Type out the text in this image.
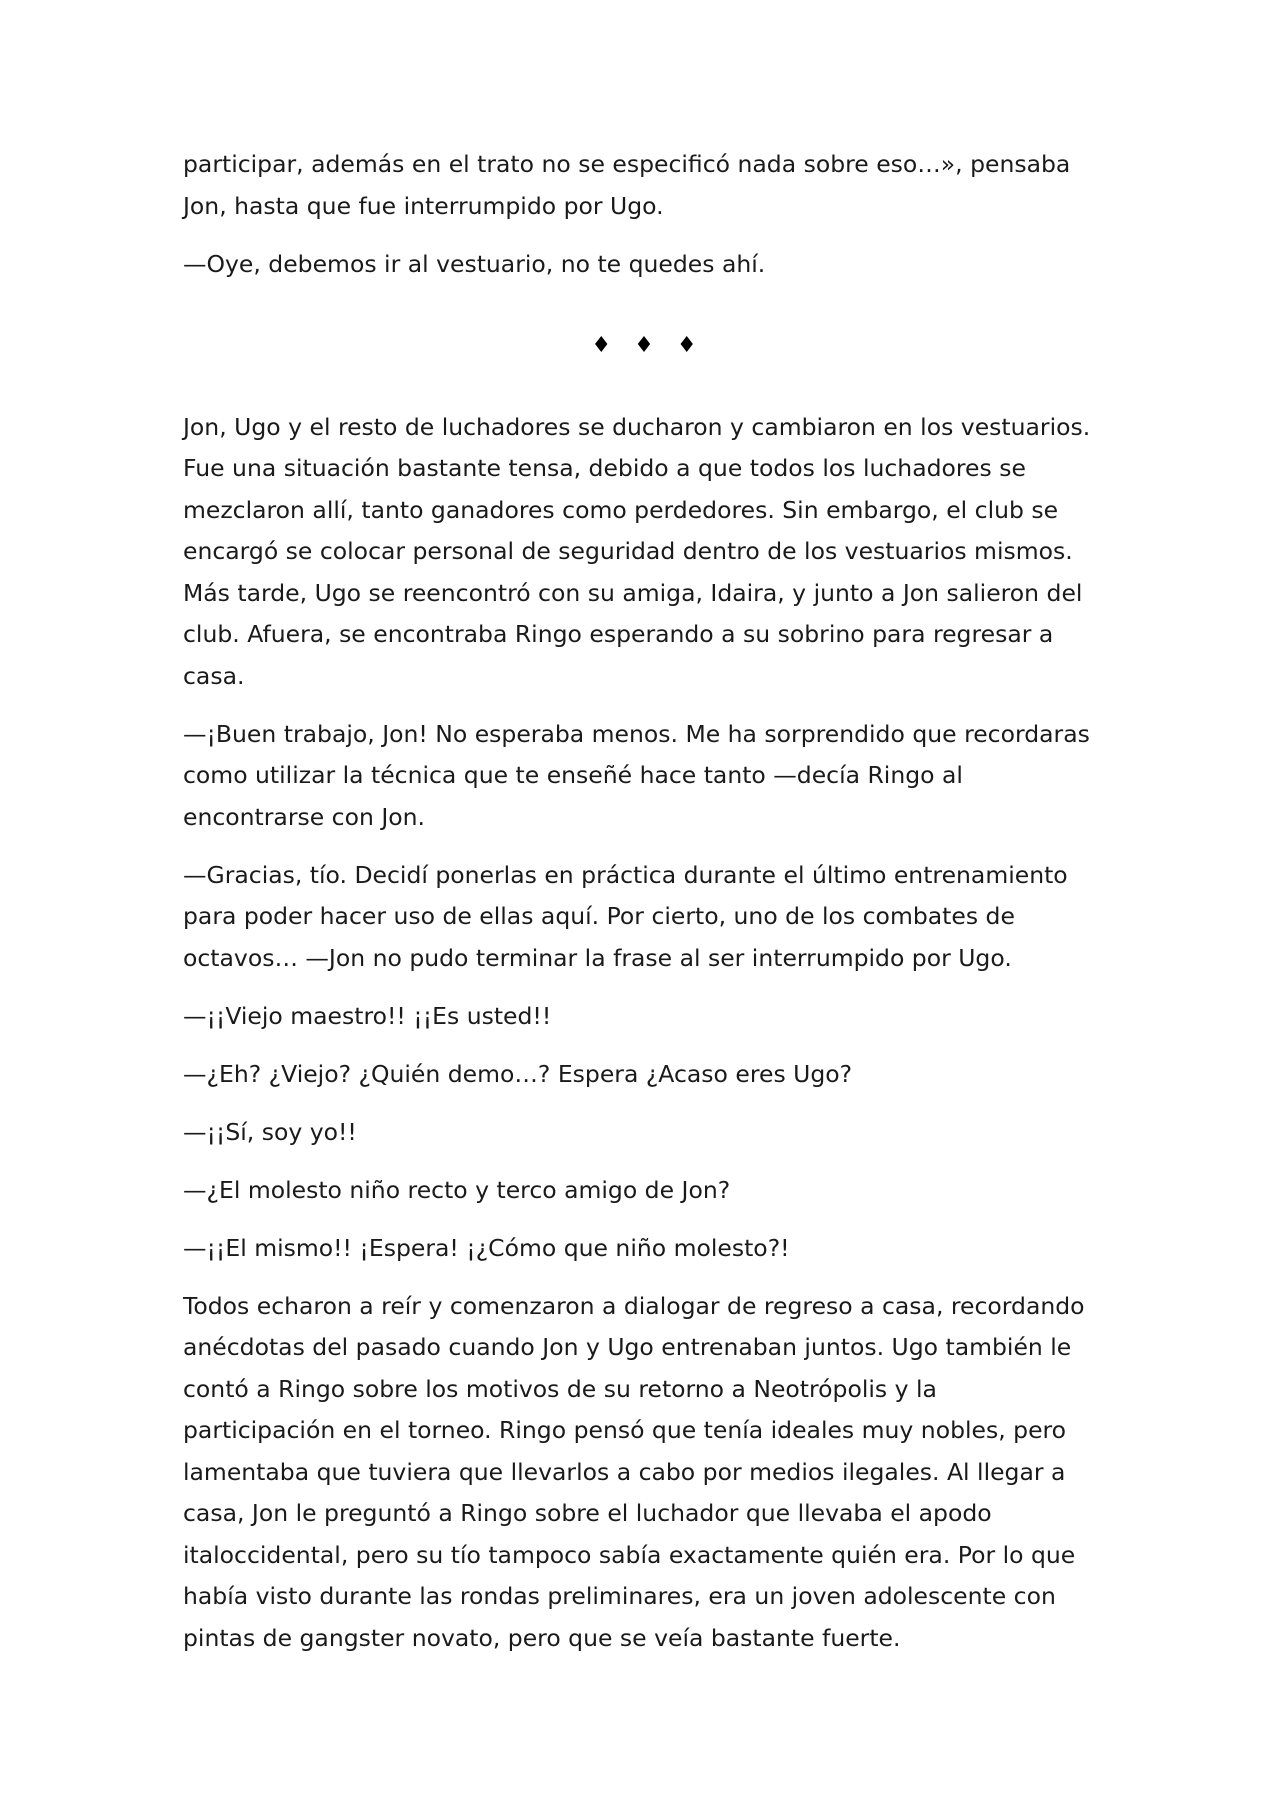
participar, además en el trato no se especificó nada sobre eso…», pensaba
Jon, hasta que fue interrumpido por Ugo.

—Oye, debemos ir al vestuario, no te quedes ahí.

♦ ♦ ♦

Jon, Ugo y el resto de luchadores se ducharon y cambiaron en los vestuarios.
Fue una situación bastante tensa, debido a que todos los luchadores se
mezclaron allí, tanto ganadores como perdedores. Sin embargo, el club se
encargó se colocar personal de seguridad dentro de los vestuarios mismos.
Más tarde, Ugo se reencontró con su amiga, Idaira, y junto a Jon salieron del
club. Afuera, se encontraba Ringo esperando a su sobrino para regresar a
casa.

—¡Buen trabajo, Jon! No esperaba menos. Me ha sorprendido que recordaras
como utilizar la técnica que te enseñé hace tanto —decía Ringo al
encontrarse con Jon.

—Gracias, tío. Decidí ponerlas en práctica durante el último entrenamiento
para poder hacer uso de ellas aquí. Por cierto, uno de los combates de
octavos… —Jon no pudo terminar la frase al ser interrumpido por Ugo.

—¡¡Viejo maestro!! ¡¡Es usted!!

—¿Eh? ¿Viejo? ¿Quién demo…? Espera ¿Acaso eres Ugo?

—¡¡Sí, soy yo!!

—¿El molesto niño recto y terco amigo de Jon?

—¡¡El mismo!! ¡Espera! ¡¿Cómo que niño molesto?!

Todos echaron a reír y comenzaron a dialogar de regreso a casa, recordando
anécdotas del pasado cuando Jon y Ugo entrenaban juntos. Ugo también le
contó a Ringo sobre los motivos de su retorno a Neotrópolis y la
participación en el torneo. Ringo pensó que tenía ideales muy nobles, pero
lamentaba que tuviera que llevarlos a cabo por medios ilegales. Al llegar a
casa, Jon le preguntó a Ringo sobre el luchador que llevaba el apodo
italoccidental, pero su tío tampoco sabía exactamente quién era. Por lo que
había visto durante las rondas preliminares, era un joven adolescente con
pintas de gangster novato, pero que se veía bastante fuerte.
